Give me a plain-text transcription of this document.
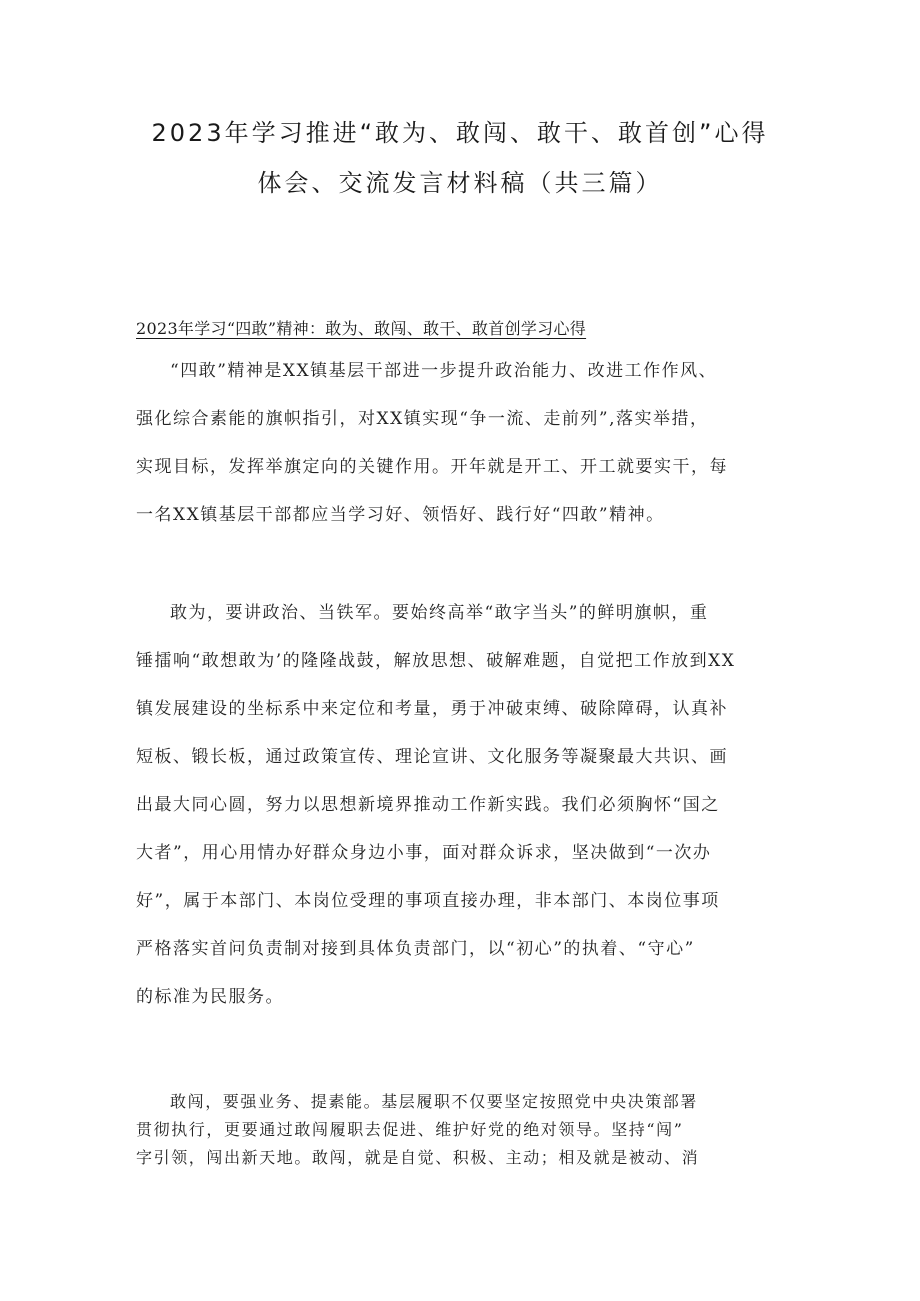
2023年学习推进“敢为、敢闯、敢干、敢首创”心得
体会、交流发言材料稿（共三篇）
2023年学习“四敢”精神：敢为、敢闯、敢干、敢首创学习心得
“四敢”精神是XX镇基层干部进一步提升政治能力、改进工作作风、
强化综合素能的旗帜指引，对XX镇实现“争一流、走前列”,落实举措，
实现目标，发挥举旗定向的关键作用。开年就是开工、开工就要实干，每
一名XX镇基层干部都应当学习好、领悟好、践行好“四敢”精神。
敢为，要讲政治、当铁军。要始终高举“敢字当头”的鲜明旗帜，重
锤擂响“敢想敢为’的隆隆战鼓，解放思想、破解难题，自觉把工作放到XX
镇发展建设的坐标系中来定位和考量，勇于冲破束缚、破除障碍，认真补
短板、锻长板，通过政策宣传、理论宣讲、文化服务等凝聚最大共识、画
出最大同心圆，努力以思想新境界推动工作新实践。我们必须胸怀“国之
大者”，用心用情办好群众身边小事，面对群众诉求，坚决做到“一次办
好”，属于本部门、本岗位受理的事项直接办理，非本部门、本岗位事项
严格落实首问负责制对接到具体负责部门，以“初心”的执着、“守心”
的标准为民服务。
敢闯，要强业务、提素能。基层履职不仅要坚定按照党中央决策部署
贯彻执行，更要通过敢闯履职去促进、维护好党的绝对领导。坚持“闯”
字引领，闯出新天地。敢闯，就是自觉、积极、主动；相及就是被动、消
